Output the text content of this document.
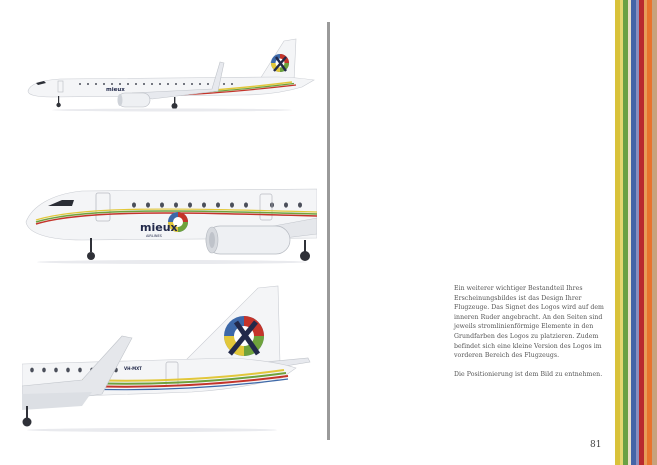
mieux
mieux
AIRLINES
VH-MXT

Ein weiterer wichtiger Bestandteil Ihres Erscheinungsbildes ist das Design Ihrer Flugzeuge. Das Signet des Logos wird auf dem inneren Ruder angebracht. An den Seiten sind jeweils stromlinienförmige Elemente in den Grundfarben des Logos zu platzieren. Zudem befindet sich eine kleine Version des Logos im vorderen Bereich des Flugzeugs.

Die Positionierung ist dem Bild zu entnehmen.

81
